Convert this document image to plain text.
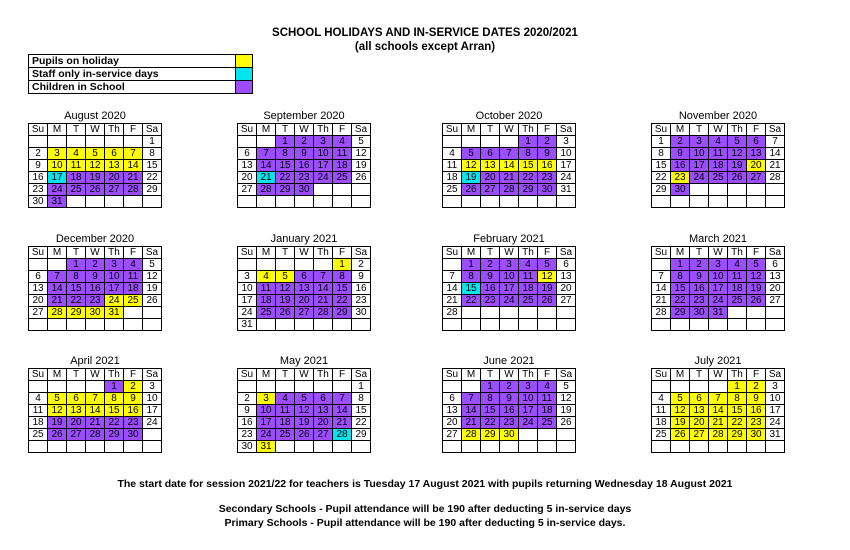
SCHOOL HOLIDAYS AND IN-SERVICE DATES 2020/2021
(all schools except Arran)
Pupils on holiday	
Staff only in-service days	
Children in School	
August 2020
Su	M	T	W	Th	F	Sa
						1
2	3	4	5	6	7	8
9	10	11	12	13	14	15
16	17	18	19	20	21	22
23	24	25	26	27	28	29
30	31					
September 2020
Su	M	T	W	Th	F	Sa
		1	2	3	4	5
6	7	8	9	10	11	12
13	14	15	16	17	18	19
20	21	22	23	24	25	26
27	28	29	30			

October 2020
Su	M	T	W	Th	F	Sa
				1	2	3
4	5	6	7	8	9	10
11	12	13	14	15	16	17
18	19	20	21	22	23	24
25	26	27	28	29	30	31

November 2020
Su	M	T	W	Th	F	Sa
1	2	3	4	5	6	7
8	9	10	11	12	13	14
15	16	17	18	19	20	21
22	23	24	25	26	27	28
29	30					

December 2020
Su	M	T	W	Th	F	Sa
		1	2	3	4	5
6	7	8	9	10	11	12
13	14	15	16	17	18	19
20	21	22	23	24	25	26
27	28	29	30	31		

January 2021
Su	M	T	W	Th	F	Sa
					1	2
3	4	5	6	7	8	9
10	11	12	13	14	15	16
17	18	19	20	21	22	23
24	25	26	27	28	29	30
31						
February 2021
Su	M	T	W	Th	F	Sa
	1	2	3	4	5	6
7	8	9	10	11	12	13
14	15	16	17	18	19	20
21	22	23	24	25	26	27
28						

March 2021
Su	M	T	W	Th	F	Sa
	1	2	3	4	5	6
7	8	9	10	11	12	13
14	15	16	17	18	19	20
21	22	23	24	25	26	27
28	29	30	31			

April 2021
Su	M	T	W	Th	F	Sa
				1	2	3
4	5	6	7	8	9	10
11	12	13	14	15	16	17
18	19	20	21	22	23	24
25	26	27	28	29	30	

May 2021
Su	M	T	W	Th	F	Sa
						1
2	3	4	5	6	7	8
9	10	11	12	13	14	15
16	17	18	19	20	21	22
23	24	25	26	27	28	29
30	31					
June 2021
Su	M	T	W	Th	F	Sa
		1	2	3	4	5
6	7	8	9	10	11	12
13	14	15	16	17	18	19
20	21	22	23	24	25	26
27	28	29	30			

July 2021
Su	M	T	W	Th	F	Sa
				1	2	3
4	5	6	7	8	9	10
11	12	13	14	15	16	17
18	19	20	21	22	23	24
25	26	27	28	29	30	31

The start date for session 2021/22 for teachers is Tuesday 17 August 2021 with pupils returning Wednesday 18 August 2021
Secondary Schools - Pupil attendance will be 190 after deducting 5 in-service days
Primary Schools - Pupil attendance will be 190 after deducting 5 in-service days.
